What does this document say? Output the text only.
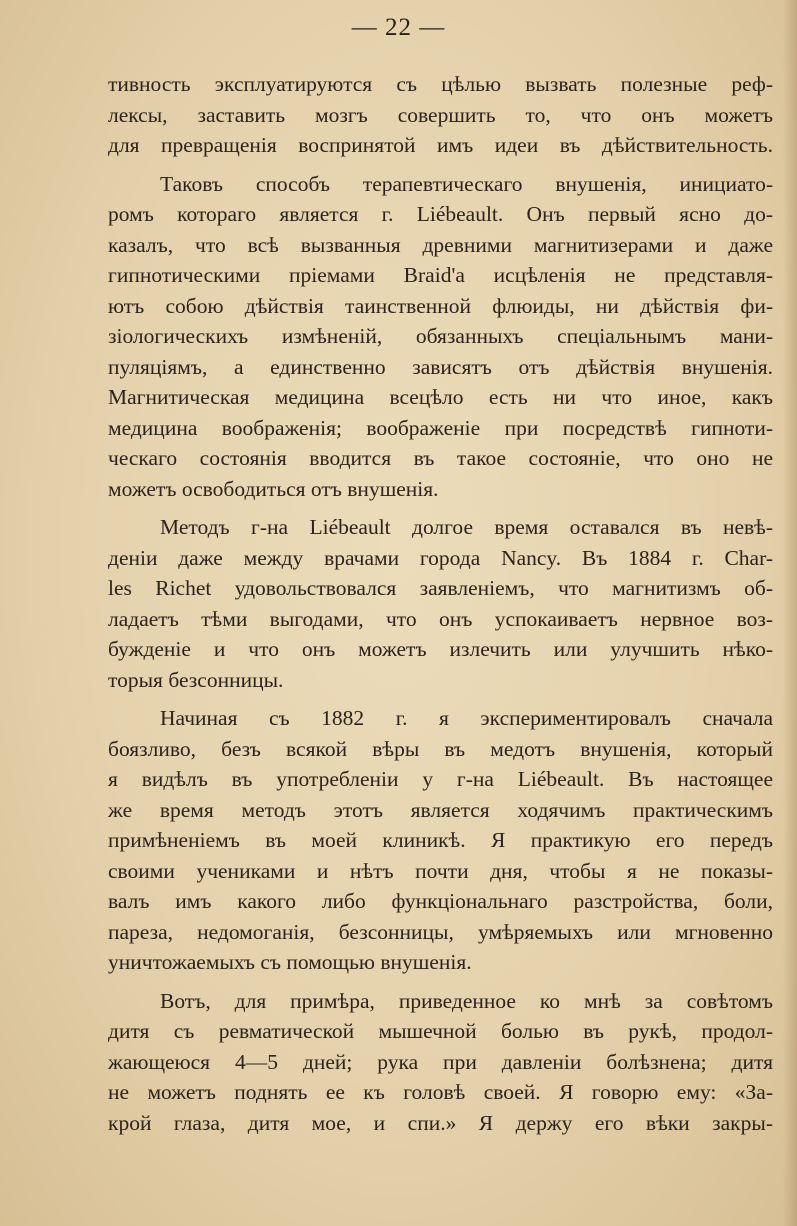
— 22 —
тивность эксплуатируются съ цѣлью вызвать полезные реф-
лексы, заставить мозгъ совершить то, что онъ можетъ
для превращенія воспринятой имъ идеи въ дѣйствительность.
Таковъ способъ терапевтическаго внушенія, инициато-
ромъ котораго является г. Liébeault. Онъ первый ясно до-
казалъ, что всѣ вызванныя древними магнитизерами и даже
гипнотическими пріемами Braid'а исцѣленія не представля-
ютъ собою дѣйствія таинственной флюиды, ни дѣйствія фи-
зіологическихъ измѣненій, обязанныхъ спеціальнымъ мани-
пуляціямъ, а единственно зависятъ отъ дѣйствія внушенія.
Магнитическая медицина всецѣло есть ни что иное, какъ
медицина воображенія; воображеніе при посредствѣ гипноти-
ческаго состоянія вводится въ такое состояніе, что оно не
можетъ освободиться отъ внушенія.
Методъ г-на Liébeault долгое время оставался въ невѣ-
деніи даже между врачами города Nancy. Въ 1884 г. Char-
les Richet удовольствовался заявленіемъ, что магнитизмъ об-
ладаетъ тѣми выгодами, что онъ успокаиваетъ нервное воз-
бужденіе и что онъ можетъ излечить или улучшить нѣко-
торыя безсонницы.
Начиная съ 1882 г. я экспериментировалъ сначала
боязливо, безъ всякой вѣры въ медотъ внушенія, который
я видѣлъ въ употребленіи у г-на Liébeault. Въ настоящее
же время методъ этотъ является ходячимъ практическимъ
примѣненіемъ въ моей клиникѣ. Я практикую его передъ
своими учениками и нѣтъ почти дня, чтобы я не показы-
валъ имъ какого либо функціональнаго разстройства, боли,
пареза, недомоганія, безсонницы, умѣряемыхъ или мгновенно
уничтожаемыхъ съ помощью внушенія.
Вотъ, для примѣра, приведенное ко мнѣ за совѣтомъ
дитя съ ревматической мышечной болью въ рукѣ, продол-
жающеюся 4—5 дней; рука при давленіи болѣзнена; дитя
не можетъ поднять ее къ головѣ своей. Я говорю ему: «За-
крой глаза, дитя мое, и спи.» Я держу его вѣки закры-
